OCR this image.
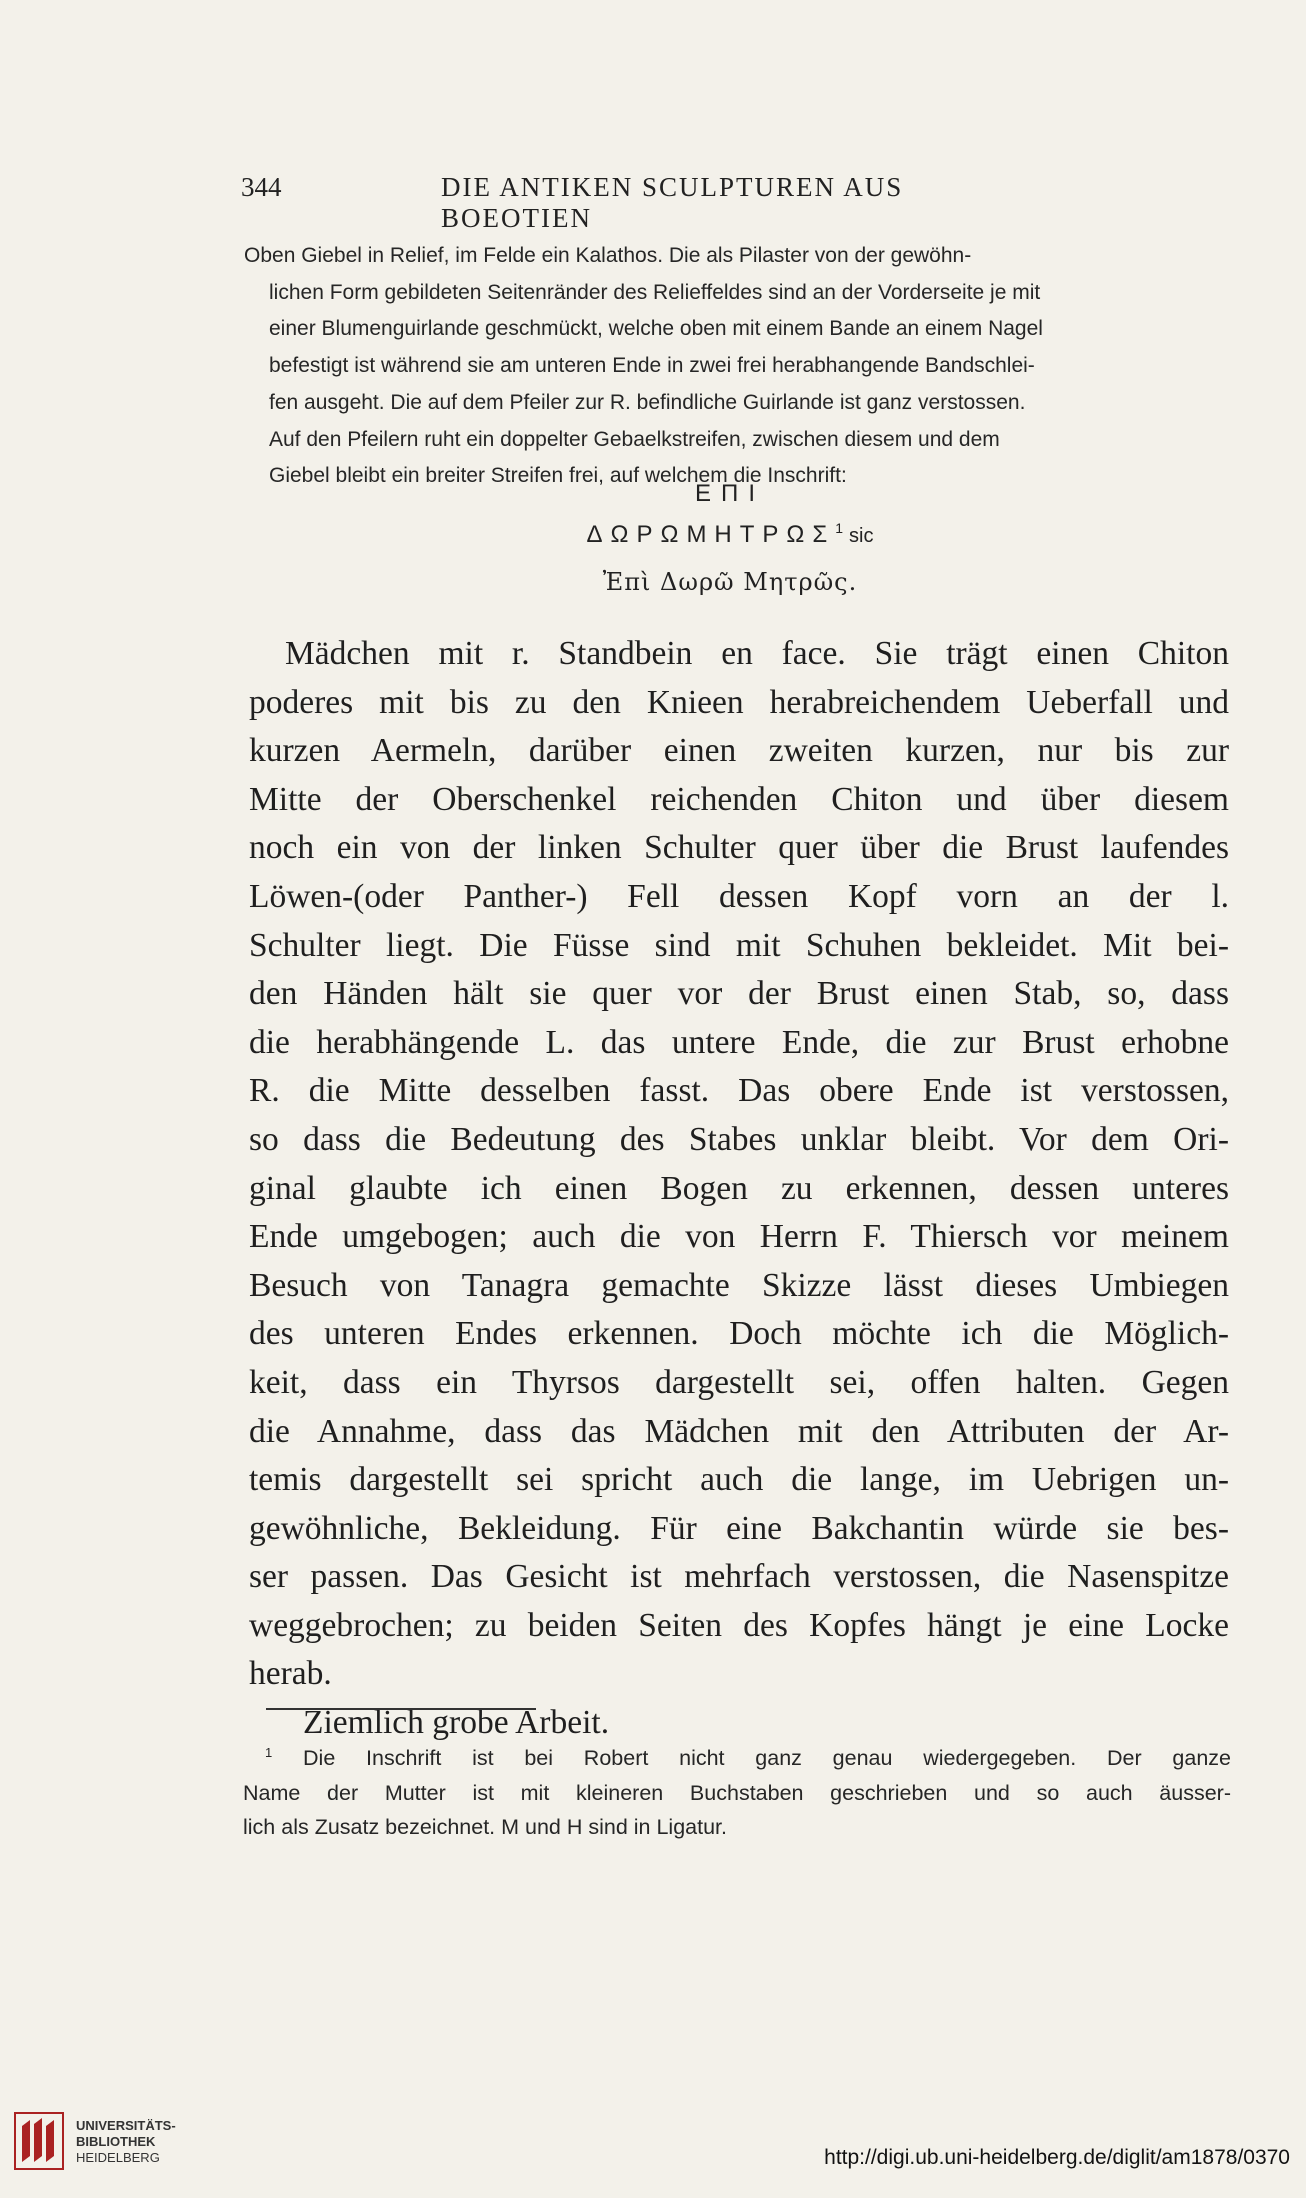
344	DIE ANTIKEN SCULPTUREN AUS BOEOTIEN
Oben Giebel in Relief, im Felde ein Kalathos. Die als Pilaster von der gewöhn-
lichen Form gebildeten Seitenränder des Relieffeldes sind an der Vorderseite je mit
einer Blumenguirlande geschmückt, welche oben mit einem Bande an einem Nagel
befestigt ist während sie am unteren Ende in zwei frei herabhangende Bandschlei-
fen ausgeht. Die auf dem Pfeiler zur R. befindliche Guirlande ist ganz verstossen.
Auf den Pfeilern ruht ein doppelter Gebaelkstreifen, zwischen diesem und dem
Giebel bleibt ein breiter Streifen frei, auf welchem die Inschrift:
ΕΠΙ
ΔΩΡΩΜΗΤΡΩΣ$^1$ sic
Ἐπὶ Δωρῶ Μητρῶς.
Mädchen mit r. Standbein en face. Sie trägt einen Chiton
poderes mit bis zu den Knieen herabreichendem Ueberfall und
kurzen Aermeln, darüber einen zweiten kurzen, nur bis zur
Mitte der Oberschenkel reichenden Chiton und über diesem
noch ein von der linken Schulter quer über die Brust laufendes
Löwen-(oder Panther-) Fell dessen Kopf vorn an der l.
Schulter liegt. Die Füsse sind mit Schuhen bekleidet. Mit bei-
den Händen hält sie quer vor der Brust einen Stab, so, dass
die herabhängende L. das untere Ende, die zur Brust erhobne
R. die Mitte desselben fasst. Das obere Ende ist verstossen,
so dass die Bedeutung des Stabes unklar bleibt. Vor dem Ori-
ginal glaubte ich einen Bogen zu erkennen, dessen unteres
Ende umgebogen; auch die von Herrn F. Thiersch vor meinem
Besuch von Tanagra gemachte Skizze lässt dieses Umbiegen
des unteren Endes erkennen. Doch möchte ich die Möglich-
keit, dass ein Thyrsos dargestellt sei, offen halten. Gegen
die Annahme, dass das Mädchen mit den Attributen der Ar-
temis dargestellt sei spricht auch die lange, im Uebrigen un-
gewöhnliche, Bekleidung. Für eine Bakchantin würde sie bes-
ser passen. Das Gesicht ist mehrfach verstossen, die Nasenspitze
weggebrochen; zu beiden Seiten des Kopfes hängt je eine Locke
herab.
Ziemlich grobe Arbeit.
$^1$ Die Inschrift ist bei Robert nicht ganz genau wiedergegeben. Der ganze
Name der Mutter ist mit kleineren Buchstaben geschrieben und so auch äusser-
lich als Zusatz bezeichnet. M und H sind in Ligatur.
UNIVERSITÄTS-
BIBLIOTHEK
HEIDELBERG	http://digi.ub.uni-heidelberg.de/diglit/am1878/0370
